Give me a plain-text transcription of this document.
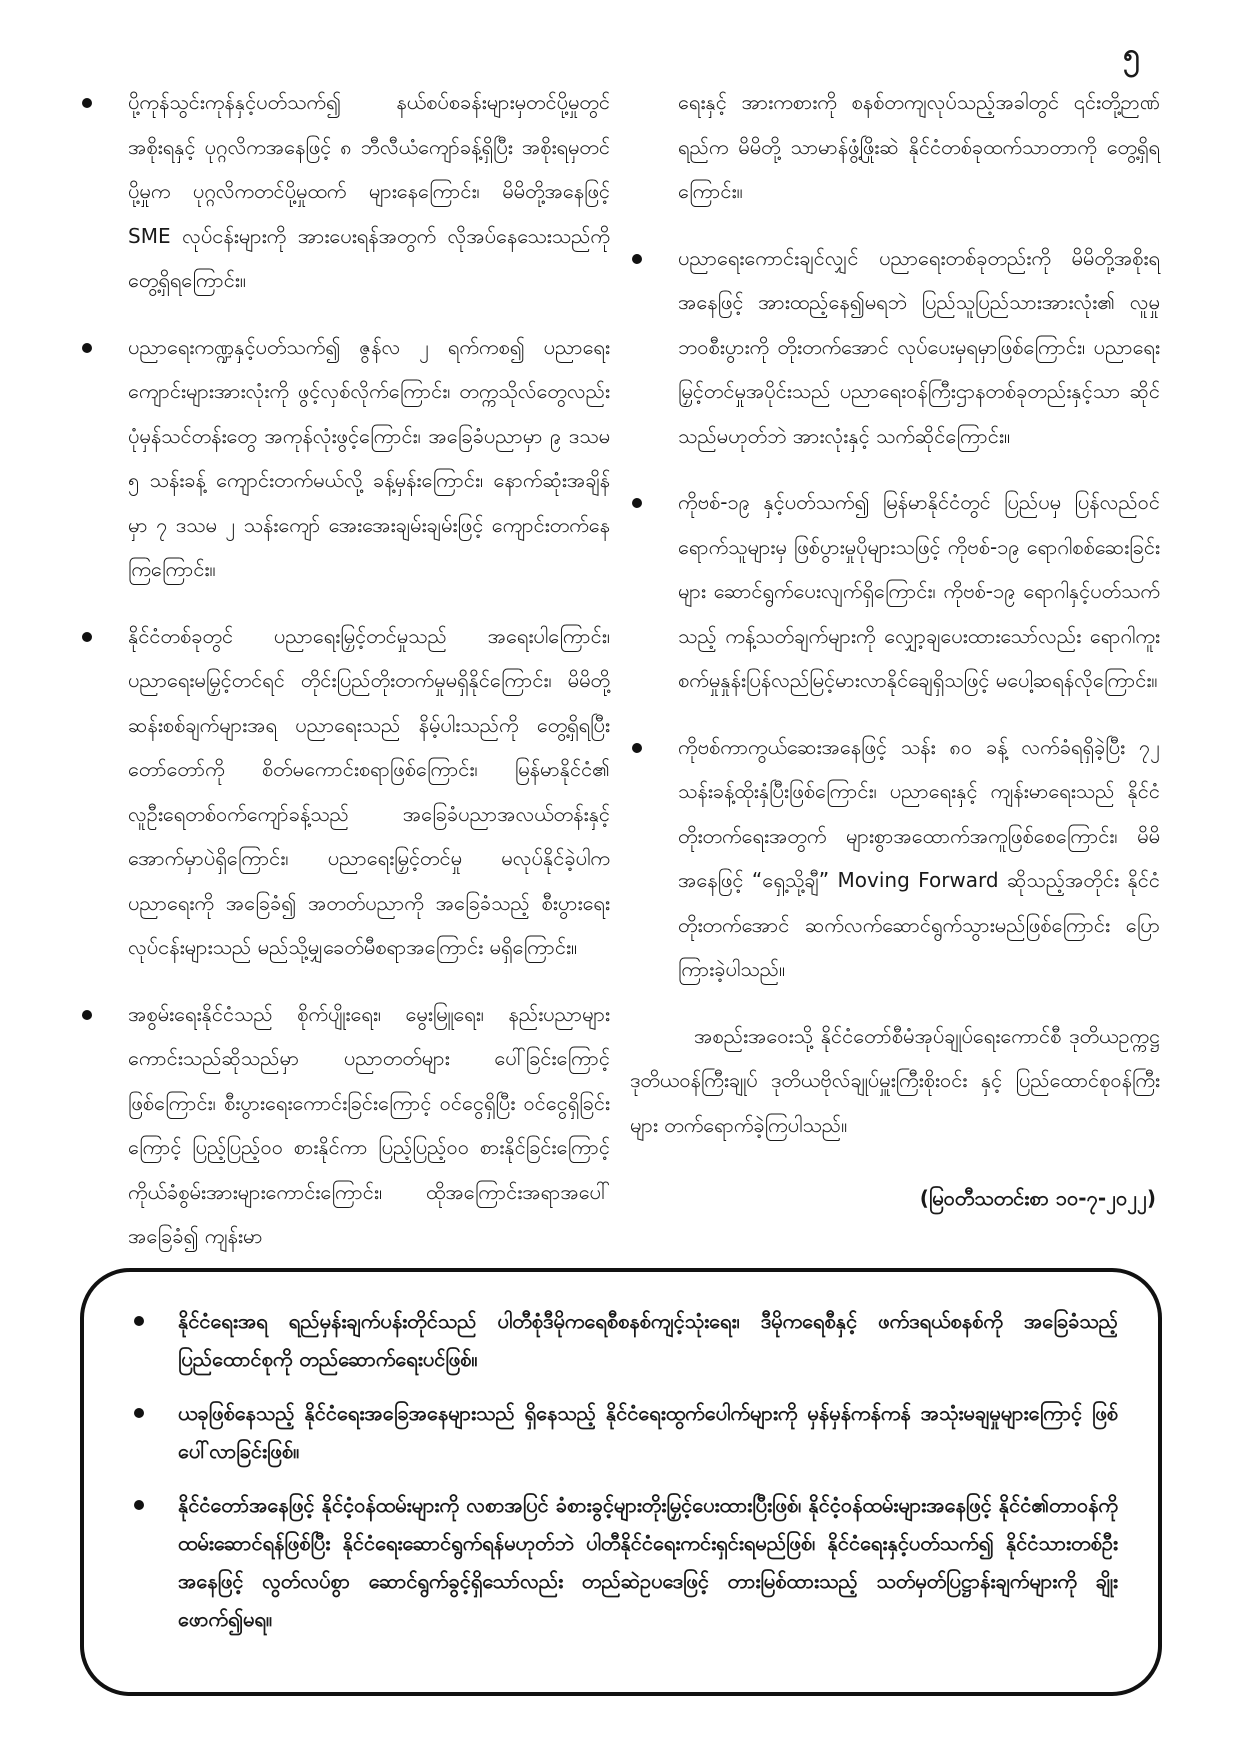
၅

ပို့ကုန်သွင်းကုန်နှင့်ပတ်သက်၍ နယ်စပ်စခန်းများမှတင်ပို့မှုတွင် အစိုးရနှင့် ပုဂ္ဂလိကအနေဖြင့် ၈ ဘီလီယံကျော်ခန့်ရှိပြီး အစိုးရမှတင်ပို့မှုက ပုဂ္ဂလိကတင်ပို့မှုထက် များနေကြောင်း၊ မိမိတို့အနေဖြင့် SME လုပ်ငန်းများကို အားပေးရန်အတွက် လိုအပ်နေသေးသည်ကိုတွေ့ရှိရကြောင်း။

ပညာရေးကဏ္ဍနှင့်ပတ်သက်၍ ဇွန်လ ၂ ရက်ကစ၍ ပညာရေးကျောင်းများအားလုံးကို ဖွင့်လှစ်လိုက်ကြောင်း၊ တက္ကသိုလ်တွေလည်း ပုံမှန်သင်တန်းတွေ အကုန်လုံးဖွင့်ကြောင်း၊ အခြေခံပညာမှာ ၉ ဒသမ ၅ သန်းခန့် ကျောင်းတက်မယ်လို့ ခန့်မှန်းကြောင်း၊ နောက်ဆုံးအချိန်မှာ ၇ ဒသမ ၂ သန်းကျော် အေးအေးချမ်းချမ်းဖြင့် ကျောင်းတက်နေကြကြောင်း။

နိုင်ငံတစ်ခုတွင် ပညာရေးမြှင့်တင်မှုသည် အရေးပါကြောင်း၊ ပညာရေးမမြှင့်တင်ရင် တိုင်းပြည်တိုးတက်မှုမရှိနိုင်ကြောင်း၊ မိမိတို့ဆန်းစစ်ချက်များအရ ပညာရေးသည် နိမ့်ပါးသည်ကို တွေ့ရှိရပြီး တော်တော်ကို စိတ်မကောင်းစရာဖြစ်ကြောင်း၊ မြန်မာနိုင်ငံ၏ လူဦးရေတစ်ဝက်ကျော်ခန့်သည် အခြေခံပညာအလယ်တန်းနှင့် အောက်မှာပဲရှိကြောင်း၊ ပညာရေးမြှင့်တင်မှု မလုပ်နိုင်ခဲ့ပါက ပညာရေးကို အခြေခံ၍ အတတ်ပညာကို အခြေခံသည့် စီးပွားရေးလုပ်ငန်းများသည် မည်သို့မျှခေတ်မီစရာအကြောင်း မရှိကြောင်း။

အစွမ်းရေးနိုင်ငံသည် စိုက်ပျိုးရေး၊ မွေးမြူရေး၊ နည်းပညာများ ကောင်းသည်ဆိုသည်မှာ ပညာတတ်များ ပေါ်ခြင်းကြောင့်ဖြစ်ကြောင်း၊ စီးပွားရေးကောင်းခြင်းကြောင့် ဝင်ငွေရှိပြီး ဝင်ငွေရှိခြင်းကြောင့် ပြည့်ပြည့်ဝဝ စားနိုင်ကာ ပြည့်ပြည့်ဝဝ စားနိုင်ခြင်းကြောင့် ကိုယ်ခံစွမ်းအားများကောင်းကြောင်း၊ ထိုအကြောင်းအရာအပေါ် အခြေခံ၍ ကျန်းမာ

ရေးနှင့် အားကစားကို စနစ်တကျလုပ်သည့်အခါတွင် ၎င်းတို့ဉာဏ်ရည်က မိမိတို့ သာမာန်ဖွံ့ဖြိုးဆဲ နိုင်ငံတစ်ခုထက်သာတာကို တွေ့ရှိရကြောင်း။

ပညာရေးကောင်းချင်လျှင် ပညာရေးတစ်ခုတည်းကို မိမိတို့အစိုးရအနေဖြင့် အားထည့်နေ၍မရဘဲ ပြည်သူပြည်သားအားလုံး၏ လူမှုဘဝစီးပွားကို တိုးတက်အောင် လုပ်ပေးမှရမှာဖြစ်ကြောင်း၊ ပညာရေးမြှင့်တင်မှုအပိုင်းသည် ပညာရေးဝန်ကြီးဌာနတစ်ခုတည်းနှင့်သာ ဆိုင်သည်မဟုတ်ဘဲ အားလုံးနှင့် သက်ဆိုင်ကြောင်း။

ကိုဗစ်-၁၉ နှင့်ပတ်သက်၍ မြန်မာနိုင်ငံတွင် ပြည်ပမှ ပြန်လည်ဝင်ရောက်သူများမှ ဖြစ်ပွားမှုပိုများသဖြင့် ကိုဗစ်-၁၉ ရောဂါစစ်ဆေးခြင်းများ ဆောင်ရွက်ပေးလျက်ရှိကြောင်း၊ ကိုဗစ်-၁၉ ရောဂါနှင့်ပတ်သက်သည့် ကန့်သတ်ချက်များကို လျှော့ချပေးထားသော်လည်း ရောဂါကူးစက်မှုနှုန်းပြန်လည်မြင့်မားလာနိုင်ချေရှိသဖြင့် မပေါ့ဆရန်လိုကြောင်း။

ကိုဗစ်ကာကွယ်ဆေးအနေဖြင့် သန်း ၈၀ ခန့် လက်ခံရရှိခဲ့ပြီး ၇၂ သန်းခန့်ထိုးနှံပြီးဖြစ်ကြောင်း၊ ပညာရေးနှင့် ကျန်းမာရေးသည် နိုင်ငံတိုးတက်ရေးအတွက် များစွာအထောက်အကူဖြစ်စေကြောင်း၊ မိမိအနေဖြင့် “ရှေ့သို့ချီ” Moving Forward ဆိုသည့်အတိုင်း နိုင်ငံတိုးတက်အောင် ဆက်လက်ဆောင်ရွက်သွားမည်ဖြစ်ကြောင်း ပြောကြားခဲ့ပါသည်။

အစည်းအဝေးသို့ နိုင်ငံတော်စီမံအုပ်ချုပ်ရေးကောင်စီ ဒုတိယဥက္ကဋ္ဌ ဒုတိယဝန်ကြီးချုပ် ဒုတိယဗိုလ်ချုပ်မှူးကြီးစိုးဝင်း နှင့် ပြည်ထောင်စုဝန်ကြီးများ တက်ရောက်ခဲ့ကြပါသည်။

(မြဝတီသတင်းစာ ၁၀-၇-၂၀၂၂)
နိုင်ငံရေးအရ ရည်မှန်းချက်ပန်းတိုင်သည် ပါတီစုံဒီမိုကရေစီစနစ်ကျင့်သုံးရေး၊ ဒီမိုကရေစီနှင့် ဖက်ဒရယ်စနစ်ကို အခြေခံသည့် ပြည်ထောင်စုကို တည်ဆောက်ရေးပင်ဖြစ်။
ယခုဖြစ်နေသည့် နိုင်ငံရေးအခြေအနေများသည် ရှိနေသည့် နိုင်ငံရေးထွက်ပေါက်များကို မှန်မှန်ကန်ကန် အသုံးမချမှုများကြောင့် ဖြစ်ပေါ်လာခြင်းဖြစ်။
နိုင်ငံတော်အနေဖြင့် နိုင်ငံ့ဝန်ထမ်းများကို လစာအပြင် ခံစားခွင့်များတိုးမြှင့်ပေးထားပြီးဖြစ်၊ နိုင်ငံ့ဝန်ထမ်းများအနေဖြင့် နိုင်ငံ၏တာဝန်ကိုထမ်းဆောင်ရန်ဖြစ်ပြီး နိုင်ငံရေးဆောင်ရွက်ရန်မဟုတ်ဘဲ ပါတီနိုင်ငံရေးကင်းရှင်းရမည်ဖြစ်၊ နိုင်ငံရေးနှင့်ပတ်သက်၍ နိုင်ငံသားတစ်ဦးအနေဖြင့် လွတ်လပ်စွာ ဆောင်ရွက်ခွင့်ရှိသော်လည်း တည်ဆဲဥပဒေဖြင့် တားမြစ်ထားသည့် သတ်မှတ်ပြဋ္ဌာန်းချက်များကို ချိုးဖောက်၍မရ။
